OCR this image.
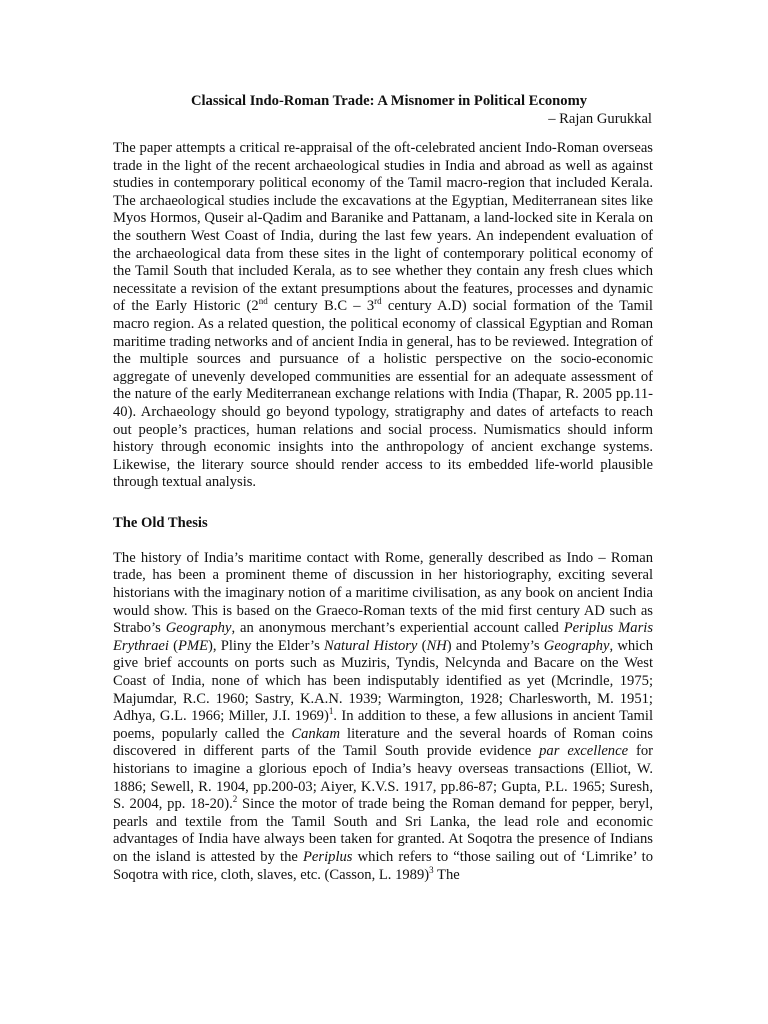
Classical Indo-Roman Trade: A Misnomer in Political Economy

– Rajan Gurukkal

The paper attempts a critical re-appraisal of the oft-celebrated ancient Indo-Roman overseas trade in the light of the recent archaeological studies in India and abroad as well as against studies in contemporary political economy of the Tamil macro-region that included Kerala. The archaeological studies include the excavations at the Egyptian, Mediterranean sites like Myos Hormos, Quseir al-Qadim and Baranike and Pattanam, a land-locked site in Kerala on the southern West Coast of India, during the last few years. An independent evaluation of the archaeological data from these sites in the light of contemporary political economy of the Tamil South that included Kerala, as to see whether they contain any fresh clues which necessitate a revision of the extant presumptions about the features, processes and dynamic of the Early Historic (2nd century B.C – 3rd century A.D) social formation of the Tamil macro region. As a related question, the political economy of classical Egyptian and Roman maritime trading networks and of ancient India in general, has to be reviewed. Integration of the multiple sources and pursuance of a holistic perspective on the socio-economic aggregate of unevenly developed communities are essential for an adequate assessment of the nature of the early Mediterranean exchange relations with India (Thapar, R. 2005 pp.11-40). Archaeology should go beyond typology, stratigraphy and dates of artefacts to reach out people’s practices, human relations and social process. Numismatics should inform history through economic insights into the anthropology of ancient exchange systems. Likewise, the literary source should render access to its embedded life-world plausible through textual analysis.

The Old Thesis

The history of India’s maritime contact with Rome, generally described as Indo – Roman trade, has been a prominent theme of discussion in her historiography, exciting several historians with the imaginary notion of a maritime civilisation, as any book on ancient India would show. This is based on the Graeco-Roman texts of the mid first century AD such as Strabo’s Geography, an anonymous merchant’s experiential account called Periplus Maris Erythraei (PME), Pliny the Elder’s Natural History (NH) and Ptolemy’s Geography, which give brief accounts on ports such as Muziris, Tyndis, Nelcynda and Bacare on the West Coast of India, none of which has been indisputably identified as yet (Mcrindle, 1975; Majumdar, R.C. 1960; Sastry, K.A.N. 1939; Warmington, 1928; Charlesworth, M. 1951; Adhya, G.L. 1966; Miller, J.I. 1969)$^1$. In addition to these, a few allusions in ancient Tamil poems, popularly called the Cankam literature and the several hoards of Roman coins discovered in different parts of the Tamil South provide evidence par excellence for historians to imagine a glorious epoch of India’s heavy overseas transactions (Elliot, W. 1886; Sewell, R. 1904, pp.200-03; Aiyer, K.V.S. 1917, pp.86-87; Gupta, P.L. 1965; Suresh, S. 2004, pp. 18-20).$^2$ Since the motor of trade being the Roman demand for pepper, beryl, pearls and textile from the Tamil South and Sri Lanka, the lead role and economic advantages of India have always been taken for granted. At Soqotra the presence of Indians on the island is attested by the Periplus which refers to “those sailing out of ‘Limrike’ to Soqotra with rice, cloth, slaves, etc. (Casson, L. 1989)$^3$ The
